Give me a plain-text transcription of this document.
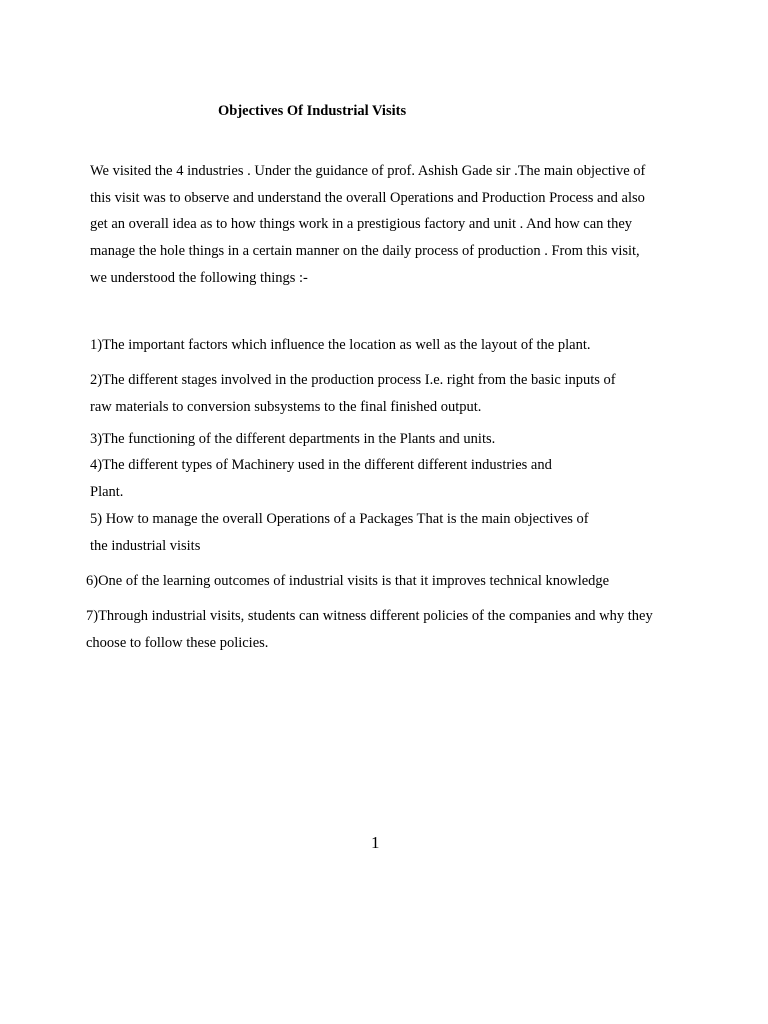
Objectives Of Industrial Visits
We visited the 4 industries . Under the guidance of prof. Ashish Gade sir .The main objective of
this visit was to observe and understand the overall Operations and Production Process and also
get an overall idea as to how things work in a prestigious factory and unit . And how can they
manage the hole things in a certain manner on the daily process of production . From this visit,
we understood the following things :-
1)The important factors which influence the location as well as the layout of the plant.
2)The different stages involved in the production process I.e. right from the basic inputs of
raw materials to conversion subsystems to the final finished output.
3)The functioning of the different departments in the Plants and units.
4)The different types of Machinery used in the different different industries and
Plant.
5) How to manage the overall Operations of a Packages That is the main objectives of
the industrial visits
6)One of the learning outcomes of industrial visits is that it improves technical knowledge
7)Through industrial visits, students can witness different policies of the companies and why they
choose to follow these policies.
1
